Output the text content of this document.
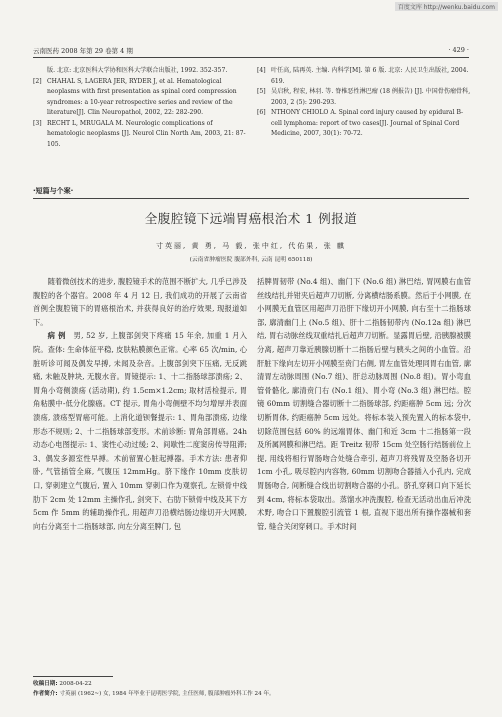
百度文库 http://wenku.baidu.com
云南医药 2008 年第 29 卷第 4 期	· 429 ·
版. 北京: 北京医科大学协和医科大学联合出版社, 1992. 352-357.
[2] CHAHAL S, LAGERA JER, RYDER J, et al. Hematological neoplasms with first presentation as spinal cord compression syndromes: a 10-year retrospective series and review of the literature[J]. Clin Neuropathol, 2002, 22: 282-290.
[3] RECHT L, MRUGALA M. Neurologic complications of hematologic neoplasms [J]. Neurol Clin North Am, 2003, 21: 87-105.
[4] 叶任高, 陆再英. 主编. 内科学[M]. 第 6 版. 北京: 人民卫生出版社, 2004. 619.
[5] 吴启秋, 程宏, 林羽. 等. 脊椎恶性淋巴瘤 (18 例报告) [J]. 中国骨伤瘤骨科, 2003, 2 (5): 290-293.
[6] NTHONY CHIOLO A. Spinal cord injury caused by epidural B-cell lymphoma: report of two cases[J]. Journal of Spinal Cord Medicine, 2007, 30(1): 70-72.
·短篇与个案·
全腹腔镜下远端胃癌根治术 1 例报道
寸英丽, 黄 勇, 马 毅, 张中红, 代佑果, 张 麒
(云南省肿瘤医院 腹部外科, 云南 昆明 650118)

随着微创技术的进步, 腹腔镜手术的范围不断扩大, 几乎已涉及腹腔的各个器官。2008 年 4 月 12 日, 我们成功的开展了云南省首例全腹腔镜下的胃癌根治术, 并获得良好的治疗效果, 现报道如下。

病 例　 男, 52 岁, 上腹部剑突下疼痛 15 年余, 加重 1 月入院。查体: 生命体征平稳, 皮肤粘膜颜色正常。心率 65 次/min, 心脏听诊可闻及偶发早搏, 未闻及杂音。上腹部剑突下压痛, 无反跳痛, 未触及肿块, 无腹水音。胃镜提示: 1、十二指肠球部溃疡; 2、胃角小弯侧溃疡 (活动期), 约 1.5cm×1.2cm; 取材活检提示, 胃角粘膜中-低分化腺癌。CT 提示, 胃角小弯侧壁不均匀增厚并表面溃疡, 溃疡型胃癌可能。上消化道钡餐提示: 1、胃角部溃疡, 边缘形态不规则; 2、十二指肠球部变形。术前诊断: 胃角部胃癌。24h 动态心电图提示: 1、窦性心动过缓; 2、间歇性二度窦房传导阻滞; 3、偶发多源室性早搏。术前留置心脏起搏器。手术方法: 患者仰卧, 气管插管全麻, 气腹压 12mmHg。脐下缘作 10mm 皮肤切口, 穿刺建立气腹后, 置入 10mm 穿刺口作为观察孔, 左锁骨中线肋下 2cm 处 12mm 主操作孔, 剑突下、右肋下锁骨中线及其下方 5cm 作 5mm 的辅助操作孔, 用超声刀沿横结肠边缘切开大网膜, 向右分离至十二指肠球部, 向左分离至脾门, 包

括脾胃韧带 (No.4 组)、幽门下 (No.6 组) 淋巴结, 胃网膜右血管丝线结扎并钳夹后超声刀切断, 分离横结肠系膜。然后于小网膜, 在小网膜无血管区用超声刀沿肝下缘切开小网膜, 向右至十二指肠球部, 廓清幽门上 (No.5 组)、肝十二指肠韧带内 (No.12a 组) 淋巴结, 胃右动脉丝线双重结扎后超声刀切断。显露胃后壁, 沿胰腺被膜分离, 超声刀靠近胰腺切断十二指肠后壁与胰头之间的小血管。沿肝脏下缘向左切开小网膜至贲门右侧, 胃左血管处理同胃右血管, 廓清胃左动脉周围 (No.7 组)、肝总动脉周围 (No.8 组)。胃小弯血管骨骼化, 廓清贲门右 (No.1 组)、胃小弯 (No.3 组) 淋巴结。腔镜 60mm 切割缝合器切断十二指肠球部, 约距癌肿 5cm 远; 分次切断胃体, 约距癌肿 5cm 远处。将标本装入预先置入的标本袋中, 切除范围包括 60% 的远端胃体、幽门和近 3cm 十二指肠第一段及所属网膜和淋巴结。距 Treitz 韧带 15cm 处空肠行结肠前位上提, 用线将相行胃肠吻合处缝合牵引, 超声刀将残胃及空肠各切开 1cm 小孔, 吸尽腔内内容物, 60mm 切割吻合器插入小孔内, 完成胃肠吻合, 间断缝合线出切割吻合器的小孔。脐孔穿刺口向下延长到 4cm, 将标本袋取出。蒸馏水冲洗腹腔, 检查无活动出血后冲洗术野, 吻合口下置腹腔引流管 1 根, 直视下退出所有操作器械和套管, 缝合关闭穿刺口。手术时间

收稿日期: 2008-04-22
作者简介: 寸英丽 (1962~) 女, 1984 年毕业于昆明医学院, 主任医师, 腹部肿瘤外科工作 24 年。
